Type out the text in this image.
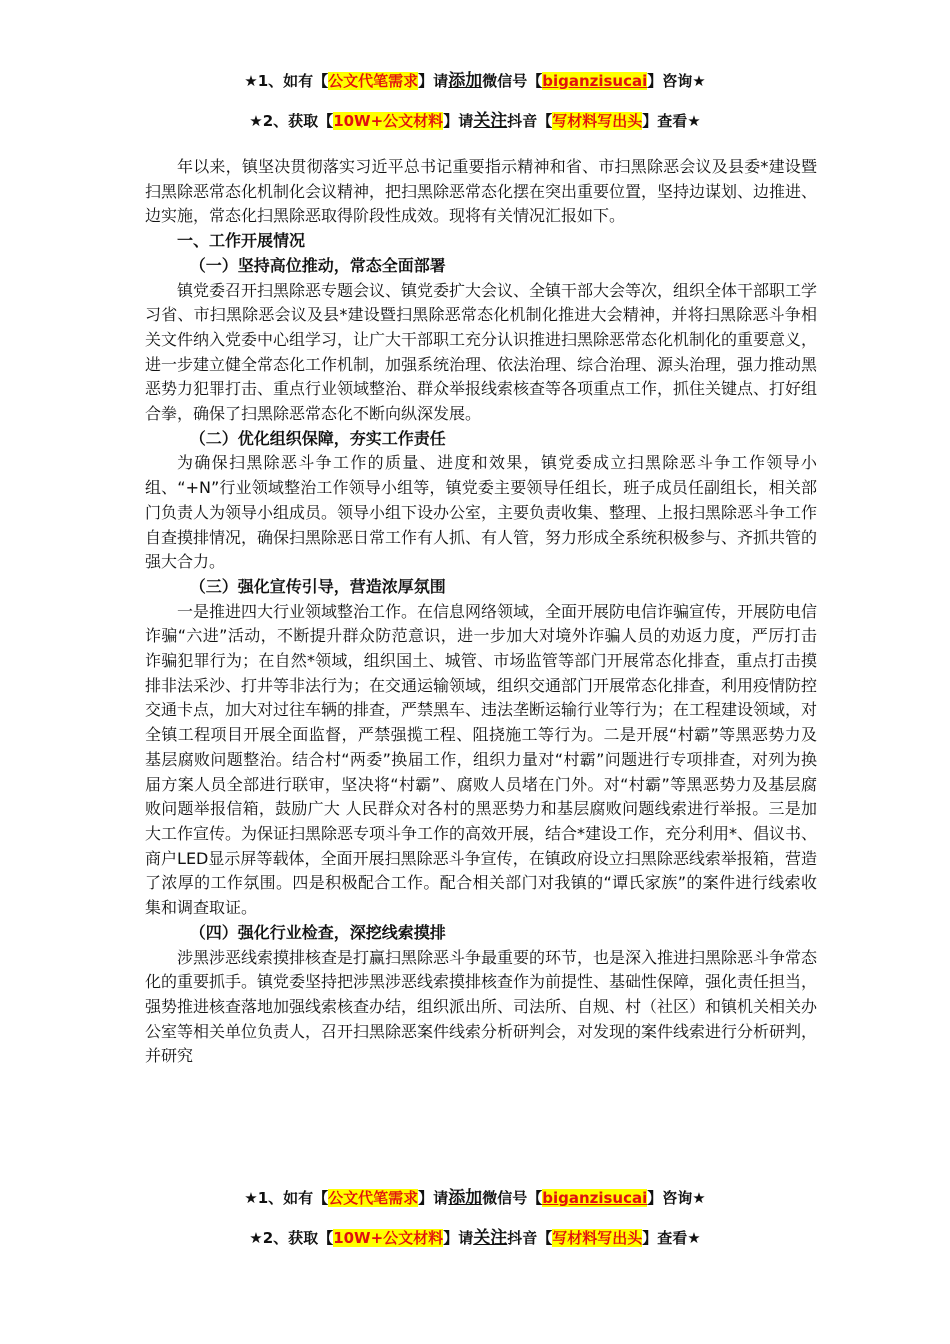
★1、如有【公文代笔需求】请添加微信号【biganzisucai】咨询★
★2、获取【10W+公文材料】请关注抖音【写材料写出头】查看★

年以来，镇坚决贯彻落实习近平总书记重要指示精神和省、市扫黑除恶会议及县委*建设暨扫黑除恶常态化机制化会议精神，把扫黑除恶常态化摆在突出重要位置，坚持边谋划、边推进、边实施，常态化扫黑除恶取得阶段性成效。现将有关情况汇报如下。

一、工作开展情况

（一）坚持高位推动，常态全面部署

镇党委召开扫黑除恶专题会议、镇党委扩大会议、全镇干部大会等次，组织全体干部职工学习省、市扫黑除恶会议及县*建设暨扫黑除恶常态化机制化推进大会精神，并将扫黑除恶斗争相关文件纳入党委中心组学习，让广大干部职工充分认识推进扫黑除恶常态化机制化的重要意义，进一步建立健全常态化工作机制，加强系统治理、依法治理、综合治理、源头治理，强力推动黑恶势力犯罪打击、重点行业领域整治、群众举报线索核查等各项重点工作，抓住关键点、打好组合拳，确保了扫黑除恶常态化不断向纵深发展。

（二）优化组织保障，夯实工作责任

为确保扫黑除恶斗争工作的质量、进度和效果，镇党委成立扫黑除恶斗争工作领导小组、“+N”行业领域整治工作领导小组等，镇党委主要领导任组长，班子成员任副组长，相关部门负责人为领导小组成员。领导小组下设办公室，主要负责收集、整理、上报扫黑除恶斗争工作自查摸排情况，确保扫黑除恶日常工作有人抓、有人管，努力形成全系统积极参与、齐抓共管的强大合力。

（三）强化宣传引导，营造浓厚氛围

一是推进四大行业领域整治工作。在信息网络领域，全面开展防电信诈骗宣传，开展防电信诈骗“六进”活动，不断提升群众防范意识，进一步加大对境外诈骗人员的劝返力度，严厉打击诈骗犯罪行为；在自然*领域，组织国土、城管、市场监管等部门开展常态化排查，重点打击摸排非法采沙、打井等非法行为；在交通运输领域，组织交通部门开展常态化排查，利用疫情防控交通卡点，加大对过往车辆的排查，严禁黑车、违法垄断运输行业等行为；在工程建设领域，对全镇工程项目开展全面监督，严禁强揽工程、阻挠施工等行为。二是开展“村霸”等黑恶势力及基层腐败问题整治。结合村“两委”换届工作，组织力量对“村霸”问题进行专项排查，对列为换届方案人员全部进行联审，坚决将“村霸”、腐败人员堵在门外。对“村霸”等黑恶势力及基层腐败问题举报信箱，鼓励广大 人民群众对各村的黑恶势力和基层腐败问题线索进行举报。三是加大工作宣传。为保证扫黑除恶专项斗争工作的高效开展，结合*建设工作，充分利用*、倡议书、商户LED显示屏等载体，全面开展扫黑除恶斗争宣传，在镇政府设立扫黑除恶线索举报箱，营造了浓厚的工作氛围。四是积极配合工作。配合相关部门对我镇的“谭氏家族”的案件进行线索收集和调查取证。

（四）强化行业检查，深挖线索摸排

涉黑涉恶线索摸排核查是打赢扫黑除恶斗争最重要的环节，也是深入推进扫黑除恶斗争常态化的重要抓手。镇党委坚持把涉黑涉恶线索摸排核查作为前提性、基础性保障，强化责任担当，强势推进核查落地加强线索核查办结，组织派出所、司法所、自规、村（社区）和镇机关相关办公室等相关单位负责人，召开扫黑除恶案件线索分析研判会，对发现的案件线索进行分析研判，并研究

★1、如有【公文代笔需求】请添加微信号【biganzisucai】咨询★
★2、获取【10W+公文材料】请关注抖音【写材料写出头】查看★
